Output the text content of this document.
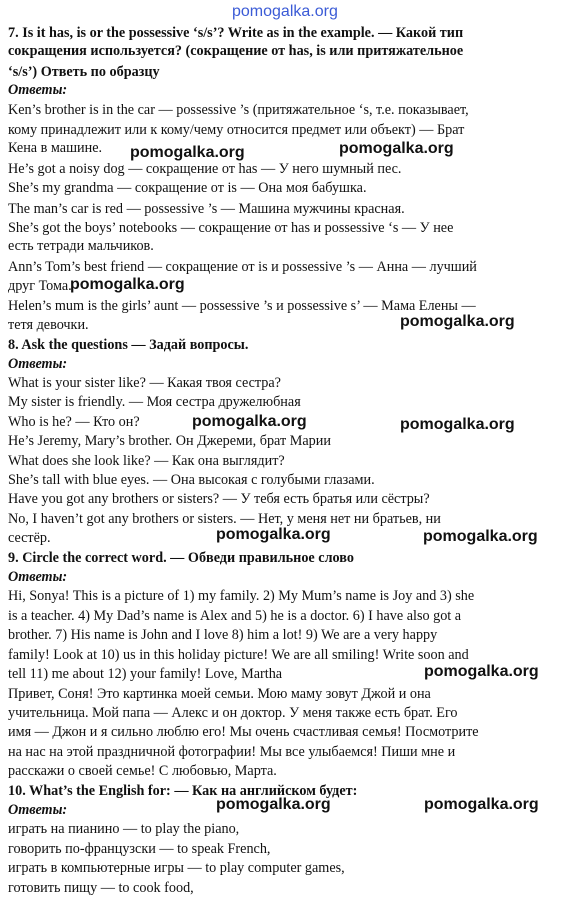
pomogalka.org
7. Is it has, is or the possessive ‘s/s’? Write as in the example. — Какой тип
сокращения используется? (сокращение от has, is или притяжательное
‘s/s’) Ответь по образцу
Ответы:
Ken’s brother is in the car — possessive ’s (притяжательное ‘s, т.е. показывает,
кому принадлежит или к кому/чему относится предмет или объект) — Брат
Кена в машине.
He’s got a noisy dog — сокращение от has — У него шумный пес.
She’s my grandma — сокращение от is — Она моя бабушка.
The man’s car is red — possessive ’s — Машина мужчины красная.
She’s got the boys’ notebooks — сокращение от has и possessive ‘s — У нее
есть тетради мальчиков.
Ann’s Tom’s best friend — сокращение от is и possessive ’s — Анна — лучший
друг Тома.
Helen’s mum is the girls’ aunt — possessive ’s и possessive s’ — Мама Елены —
тетя девочки.
8. Ask the questions — Задай вопросы.
Ответы:
What is your sister like? — Какая твоя сестра?
My sister is friendly. — Моя сестра дружелюбная
Who is he? — Кто он?
He’s Jeremy, Mary’s brother. Он Джереми, брат Марии
What does she look like? — Как она выглядит?
She’s tall with blue eyes. — Она высокая с голубыми глазами.
Have you got any brothers or sisters? — У тебя есть братья или сёстры?
No, I haven’t got any brothers or sisters. — Нет, у меня нет ни братьев, ни
сестёр.
9. Circle the correct word. — Обведи правильное слово
Ответы:
Hi, Sonya! This is a picture of 1) my family. 2) My Mum’s name is Joy and 3) she
is a teacher. 4) My Dad’s name is Alex and 5) he is a doctor. 6) I have also got a
brother. 7) His name is John and I love 8) him a lot! 9) We are a very happy
family! Look at 10) us in this holiday picture! We are all smiling! Write soon and
tell 11) me about 12) your family! Love, Martha
Привет, Соня! Это картинка моей семьи. Мою маму зовут Джой и она
учительница. Мой папа — Алекс и он доктор. У меня также есть брат. Его
имя — Джон и я сильно люблю его! Мы очень счастливая семья! Посмотрите
на нас на этой праздничной фотографии! Мы все улыбаемся! Пиши мне и
расскажи о своей семье! С любовью, Марта.
10. What’s the English for: — Как на английском будет:
Ответы:
играть на пианино — to play the piano,
говорить по-французски — to speak French,
играть в компьютерные игры — to play computer games,
готовить пищу — to cook food,
pomogalka.org	pomogalka.org
pomogalka.org
pomogalka.org
pomogalka.org	pomogalka.org
pomogalka.org	pomogalka.org
pomogalka.org
pomogalka.org	pomogalka.org
